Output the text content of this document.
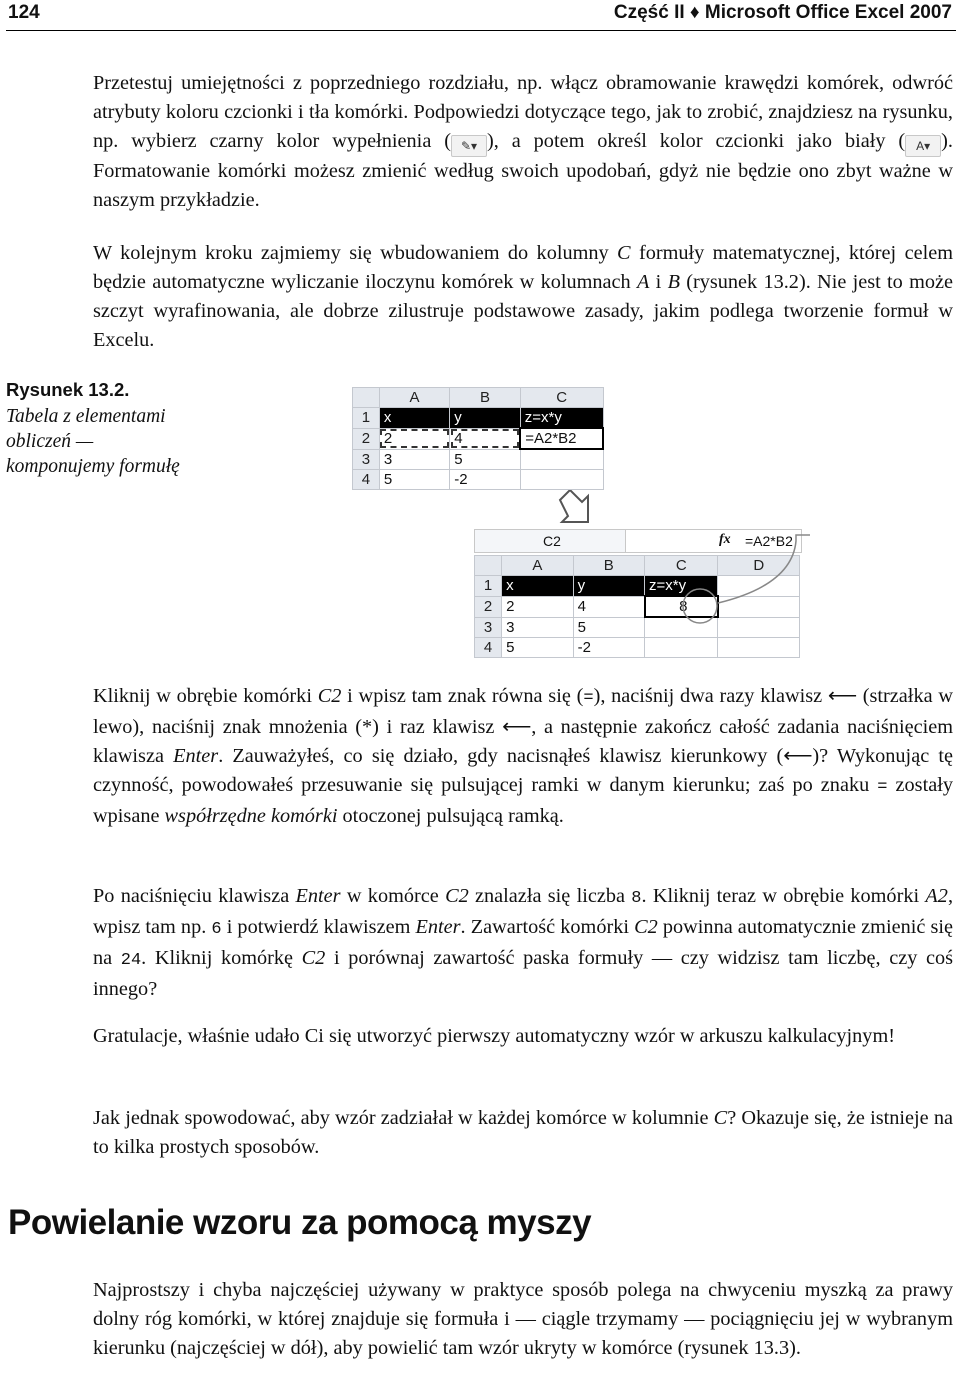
124	Część II ♦ Microsoft Office Excel 2007

Przetestuj umiejętności z poprzedniego rozdziału, np. włącz obramowanie krawędzi komórek, odwróć atrybuty koloru czcionki i tła komórki. Podpowiedzi dotyczące tego, jak to zrobić, znajdziesz na rysunku, np. wybierz czarny kolor wypełnienia ( ✎▾ ), a potem określ kolor czcionki jako biały ( A▾ ). Formatowanie komórki możesz zmienić według swoich upodobań, gdyż nie będzie ono zbyt ważne w naszym przykładzie.

W kolejnym kroku zajmiemy się wbudowaniem do kolumny C formuły matematycznej, której celem będzie automatyczne wyliczanie iloczynu komórek w kolumnach A i B (rysunek 13.2). Nie jest to może szczyt wyrafinowania, ale dobrze zilustruje podstawowe zasady, jakim podlega tworzenie formuł w Excelu.

Rysunek 13.2.
Tabela z elementami obliczeń — komponujemy formułę
	A	B	C
1	x	y	z=x*y
2	2	4	=A2*B2
3	3	5	
4	5	-2	
C2	fx =A2*B2
	A	B	C	D
1	x	y	z=x*y	
2	2	4	8	
3	3	5		
4	5	-2		

Kliknij w obrębie komórki C2 i wpisz tam znak równa się (=), naciśnij dwa razy klawisz ⟵ (strzałka w lewo), naciśnij znak mnożenia (*) i raz klawisz ⟵, a następnie zakończ całość zadania naciśnięciem klawisza Enter. Zauważyłeś, co się działo, gdy nacisnąłeś klawisz kierunkowy (⟵)? Wykonując tę czynność, powodowałeś przesuwanie się pulsującej ramki w danym kierunku; zaś po znaku = zostały wpisane współrzędne komórki otoczonej pulsującą ramką.

Po naciśnięciu klawisza Enter w komórce C2 znalazła się liczba 8. Kliknij teraz w obrębie komórki A2, wpisz tam np. 6 i potwierdź klawiszem Enter. Zawartość komórki C2 powinna automatycznie zmienić się na 24. Kliknij komórkę C2 i porównaj zawartość paska formuły — czy widzisz tam liczbę, czy coś innego?

Gratulacje, właśnie udało Ci się utworzyć pierwszy automatyczny wzór w arkuszu kalkulacyjnym!

Jak jednak spowodować, aby wzór zadziałał w każdej komórce w kolumnie C? Okazuje się, że istnieje na to kilka prostych sposobów.

Powielanie wzoru za pomocą myszy

Najprostszy i chyba najczęściej używany w praktyce sposób polega na chwyceniu myszką za prawy dolny róg komórki, w której znajduje się formuła i — ciągle trzymamy — pociągnięciu jej w wybranym kierunku (najczęściej w dół), aby powielić tam wzór ukryty w komórce (rysunek 13.3).
